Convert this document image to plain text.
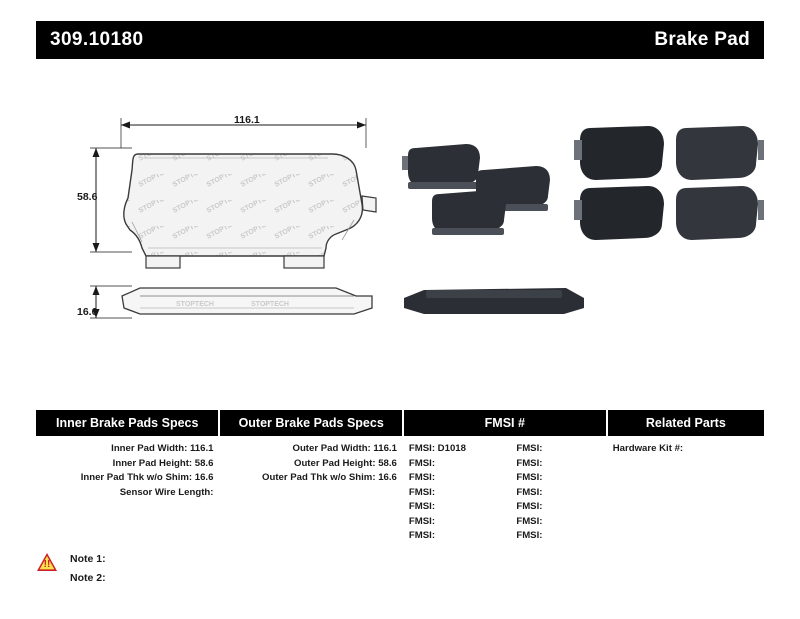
309.10180	Brake Pad
116.1
58.6
16.6
STOPTECH	STOPTECH
Inner Brake Pads Specs	Outer Brake Pads Specs	FMSI #	Related Parts

Inner Pad Width: 116.1
Inner Pad Height: 58.6
Inner Pad Thk w/o Shim: 16.6
Sensor Wire Length:

Outer Pad Width: 116.1
Outer Pad Height: 58.6
Outer Pad Thk w/o Shim: 16.6

FMSI: D1018	FMSI:
FMSI:	FMSI:
FMSI:	FMSI:
FMSI:	FMSI:
FMSI:	FMSI:
FMSI:	FMSI:
FMSI:	FMSI:

Hardware Kit #:
!! Note 1:
Note 2:
